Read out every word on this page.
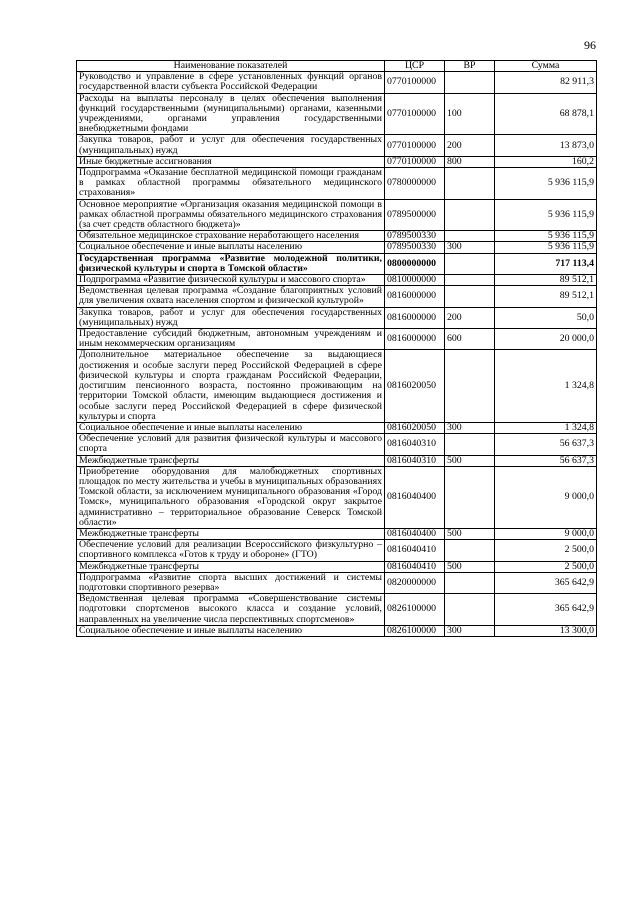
96
Наименование показателей	ЦСР	ВР	Сумма
Руководство и управление в сфере установленных функций органов государственной власти субъекта Российской Федерации	0770100000		82 911,3
Расходы на выплаты персоналу в целях обеспечения выполнения функций государственными (муниципальными) органами, казенными учреждениями, органами управления государственными внебюджетными фондами	0770100000	100	68 878,1
Закупка товаров, работ и услуг для обеспечения государственных (муниципальных) нужд	0770100000	200	13 873,0
Иные бюджетные ассигнования	0770100000	800	160,2
Подпрограмма «Оказание бесплатной медицинской помощи гражданам в рамках областной программы обязательного медицинского страхования»	0780000000		5 936 115,9
Основное мероприятие «Организация оказания медицинской помощи в рамках областной программы обязательного медицинского страхования (за счет средств областного бюджета)»	0789500000		5 936 115,9
Обязательное медицинское страхование неработающего населения	0789500330		5 936 115,9
Социальное обеспечение и иные выплаты населению	0789500330	300	5 936 115,9
Государственная программа «Развитие молодежной политики, физической культуры и спорта в Томской области»	0800000000		717 113,4
Подпрограмма «Развитие физической культуры и массового спорта»	0810000000		89 512,1
Ведомственная целевая программа «Создание благоприятных условий для увеличения охвата населения спортом и физической культурой»	0816000000		89 512,1
Закупка товаров, работ и услуг для обеспечения государственных (муниципальных) нужд	0816000000	200	50,0
Предоставление субсидий бюджетным, автономным учреждениям и иным некоммерческим организациям	0816000000	600	20 000,0
Дополнительное материальное обеспечение за выдающиеся достижения и особые заслуги перед Российской Федерацией в сфере физической культуры и спорта гражданам Российской Федерации, достигшим пенсионного возраста, постоянно проживающим на территории Томской области, имеющим выдающиеся достижения и особые заслуги перед Российской Федерацией в сфере физической культуры и спорта	0816020050		1 324,8
Социальное обеспечение и иные выплаты населению	0816020050	300	1 324,8
Обеспечение условий для развития физической культуры и массового спорта	0816040310		56 637,3
Межбюджетные трансферты	0816040310	500	56 637,3
Приобретение оборудования для малобюджетных спортивных площадок по месту жительства и учебы в муниципальных образованиях Томской области, за исключением муниципального образования «Город Томск», муниципального образования «Городской округ закрытое административно – территориальное образование Северск Томской области»	0816040400		9 000,0
Межбюджетные трансферты	0816040400	500	9 000,0
Обеспечение условий для реализации Всероссийского физкультурно – спортивного комплекса «Готов к труду и обороне» (ГТО)	0816040410		2 500,0
Межбюджетные трансферты	0816040410	500	2 500,0
Подпрограмма «Развитие спорта высших достижений и системы подготовки спортивного резерва»	0820000000		365 642,9
Ведомственная целевая программа «Совершенствование системы подготовки спортсменов высокого класса и создание условий, направленных на увеличение числа перспективных спортсменов»	0826100000		365 642,9
Социальное обеспечение и иные выплаты населению	0826100000	300	13 300,0
